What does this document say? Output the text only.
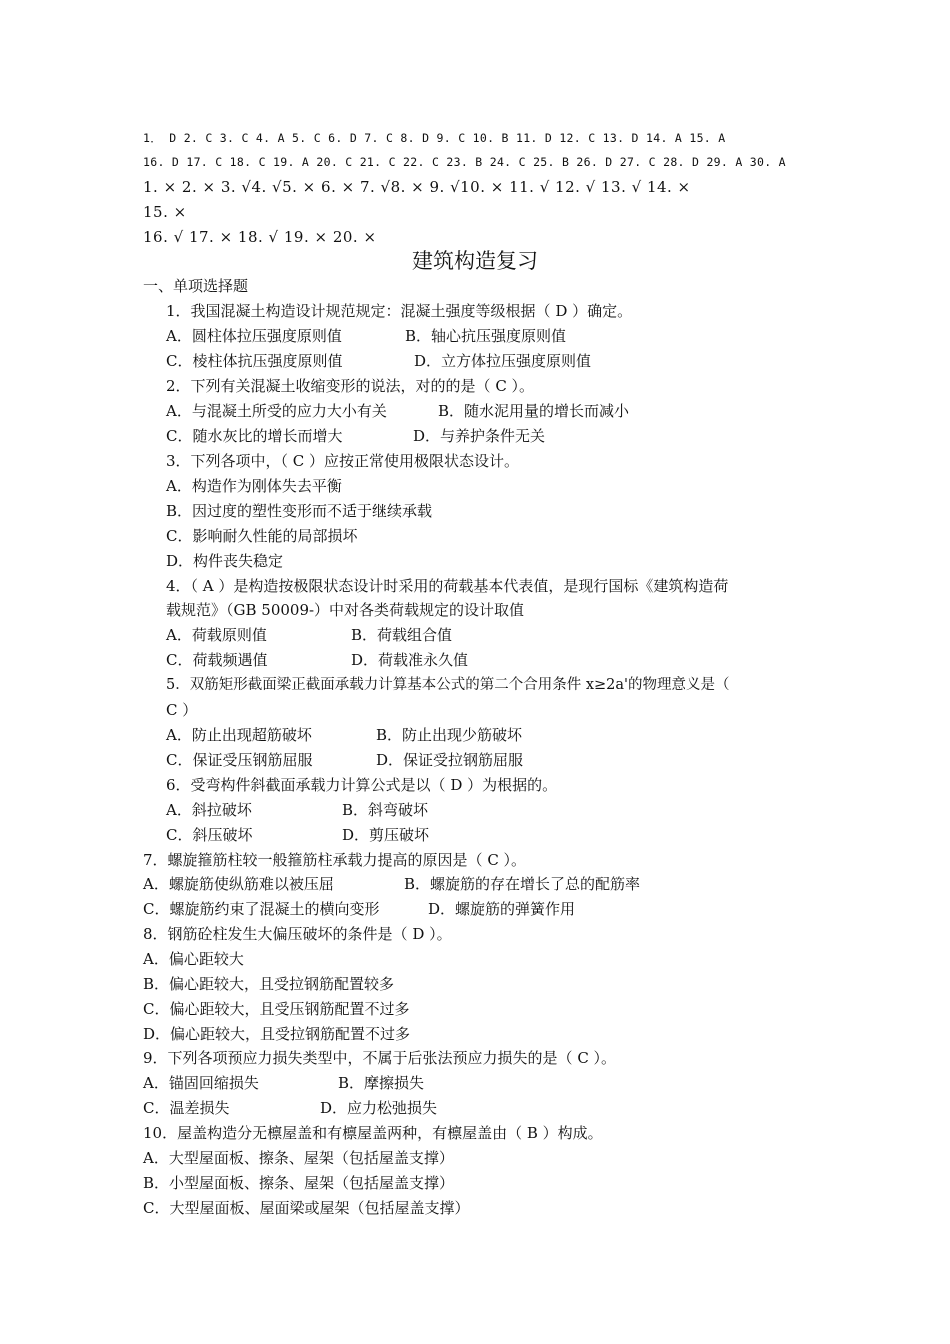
1． D 2. C 3. C 4. A 5. C 6. D 7. C 8. D 9. C 10. B 11. D 12. C 13. D 14. A 15. A
16. D 17. C 18. C 19. A 20. C 21. C 22. C 23. B 24. C 25. B 26. D 27. C 28. D 29. A 30. A
1. × 2. × 3. √4. √5. × 6. × 7. √8. × 9. √10. × 11. √ 12. √ 13. √ 14. ×
15. ×
16. √ 17. × 18. √ 19. × 20. ×
建筑构造复习
一、单项选择题
1．我国混凝土构造设计规范规定：混凝土强度等级根据（ D ）确定。
A．圆柱体拉压强度原则值	B．轴心抗压强度原则值
C．棱柱体抗压强度原则值	D．立方体拉压强度原则值
2．下列有关混凝土收缩变形的说法，对的的是（ C ）。
A．与混凝土所受的应力大小有关	B．随水泥用量的增长而减小
C．随水灰比的增长而增大	D．与养护条件无关
3．下列各项中，（ C ）应按正常使用极限状态设计。
A．构造作为刚体失去平衡
B．因过度的塑性变形而不适于继续承载
C．影响耐久性能的局部损坏
D．构件丧失稳定
4．（ A ）是构造按极限状态设计时采用的荷载基本代表值，是现行国标《建筑构造荷
载规范》（GB 50009-）中对各类荷载规定的设计取值
A．荷载原则值	B．荷载组合值
C．荷载频遇值	D．荷载准永久值
5．双筋矩形截面梁正截面承载力计算基本公式的第二个合用条件 x≥2a'的物理意义是（
C ）
A．防止出现超筋破坏	B．防止出现少筋破坏
C．保证受压钢筋屈服	D．保证受拉钢筋屈服
6．受弯构件斜截面承载力计算公式是以（ D ）为根据的。
A．斜拉破坏	B．斜弯破坏
C．斜压破坏	D．剪压破坏
7．螺旋箍筋柱较一般箍筋柱承载力提高的原因是（ C ）。
A．螺旋筋使纵筋难以被压屈	B．螺旋筋的存在增长了总的配筋率
C．螺旋筋约束了混凝土的横向变形	D．螺旋筋的弹簧作用
8．钢筋砼柱发生大偏压破坏的条件是（ D ）。
A．偏心距较大
B．偏心距较大，且受拉钢筋配置较多
C．偏心距较大，且受压钢筋配置不过多
D．偏心距较大，且受拉钢筋配置不过多
9．下列各项预应力损失类型中，不属于后张法预应力损失的是（ C ）。
A．锚固回缩损失	B．摩擦损失
C．温差损失	D．应力松弛损失
10．屋盖构造分无檩屋盖和有檩屋盖两种，有檩屋盖由（ B ）构成。
A．大型屋面板、擦条、屋架（包括屋盖支撑）
B．小型屋面板、擦条、屋架（包括屋盖支撑）
C．大型屋面板、屋面梁或屋架（包括屋盖支撑）
